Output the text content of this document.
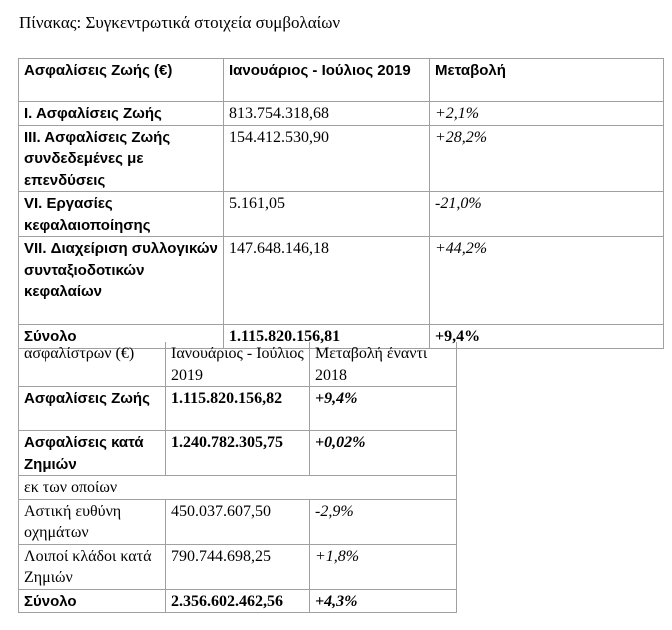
Πίνακας: Συγκεντρωτικά στοιχεία συμβολαίων
Ασφαλίσεις Ζωής (€)	Ιανουάριος - Ιούλιος 2019	Μεταβολή
Ι. Ασφαλίσεις Ζωής	813.754.318,68	+2,1%
ΙΙΙ. Ασφαλίσεις Ζωής συνδεδεμένες με επενδύσεις	154.412.530,90	+28,2%
VI. Εργασίες κεφαλαιοποίησης	5.161,05	-21,0%
VII. Διαχείριση συλλογικών συνταξιοδοτικών κεφαλαίων	147.648.146,18	+44,2%
Σύνολο	1.115.820.156,81	+9,4%
ασφαλίστρων (€)	Ιανουάριος - Ιούλιος 2019	Μεταβολή έναντι 2018
Ασφαλίσεις Ζωής	1.115.820.156,82	+9,4%
Ασφαλίσεις κατά Ζημιών	1.240.782.305,75	+0,02%
εκ των οποίων		
Αστική ευθύνη οχημάτων	450.037.607,50	-2,9%
Λοιποί κλάδοι κατά Ζημιών	790.744.698,25	+1,8%
Σύνολο	2.356.602.462,56	+4,3%
